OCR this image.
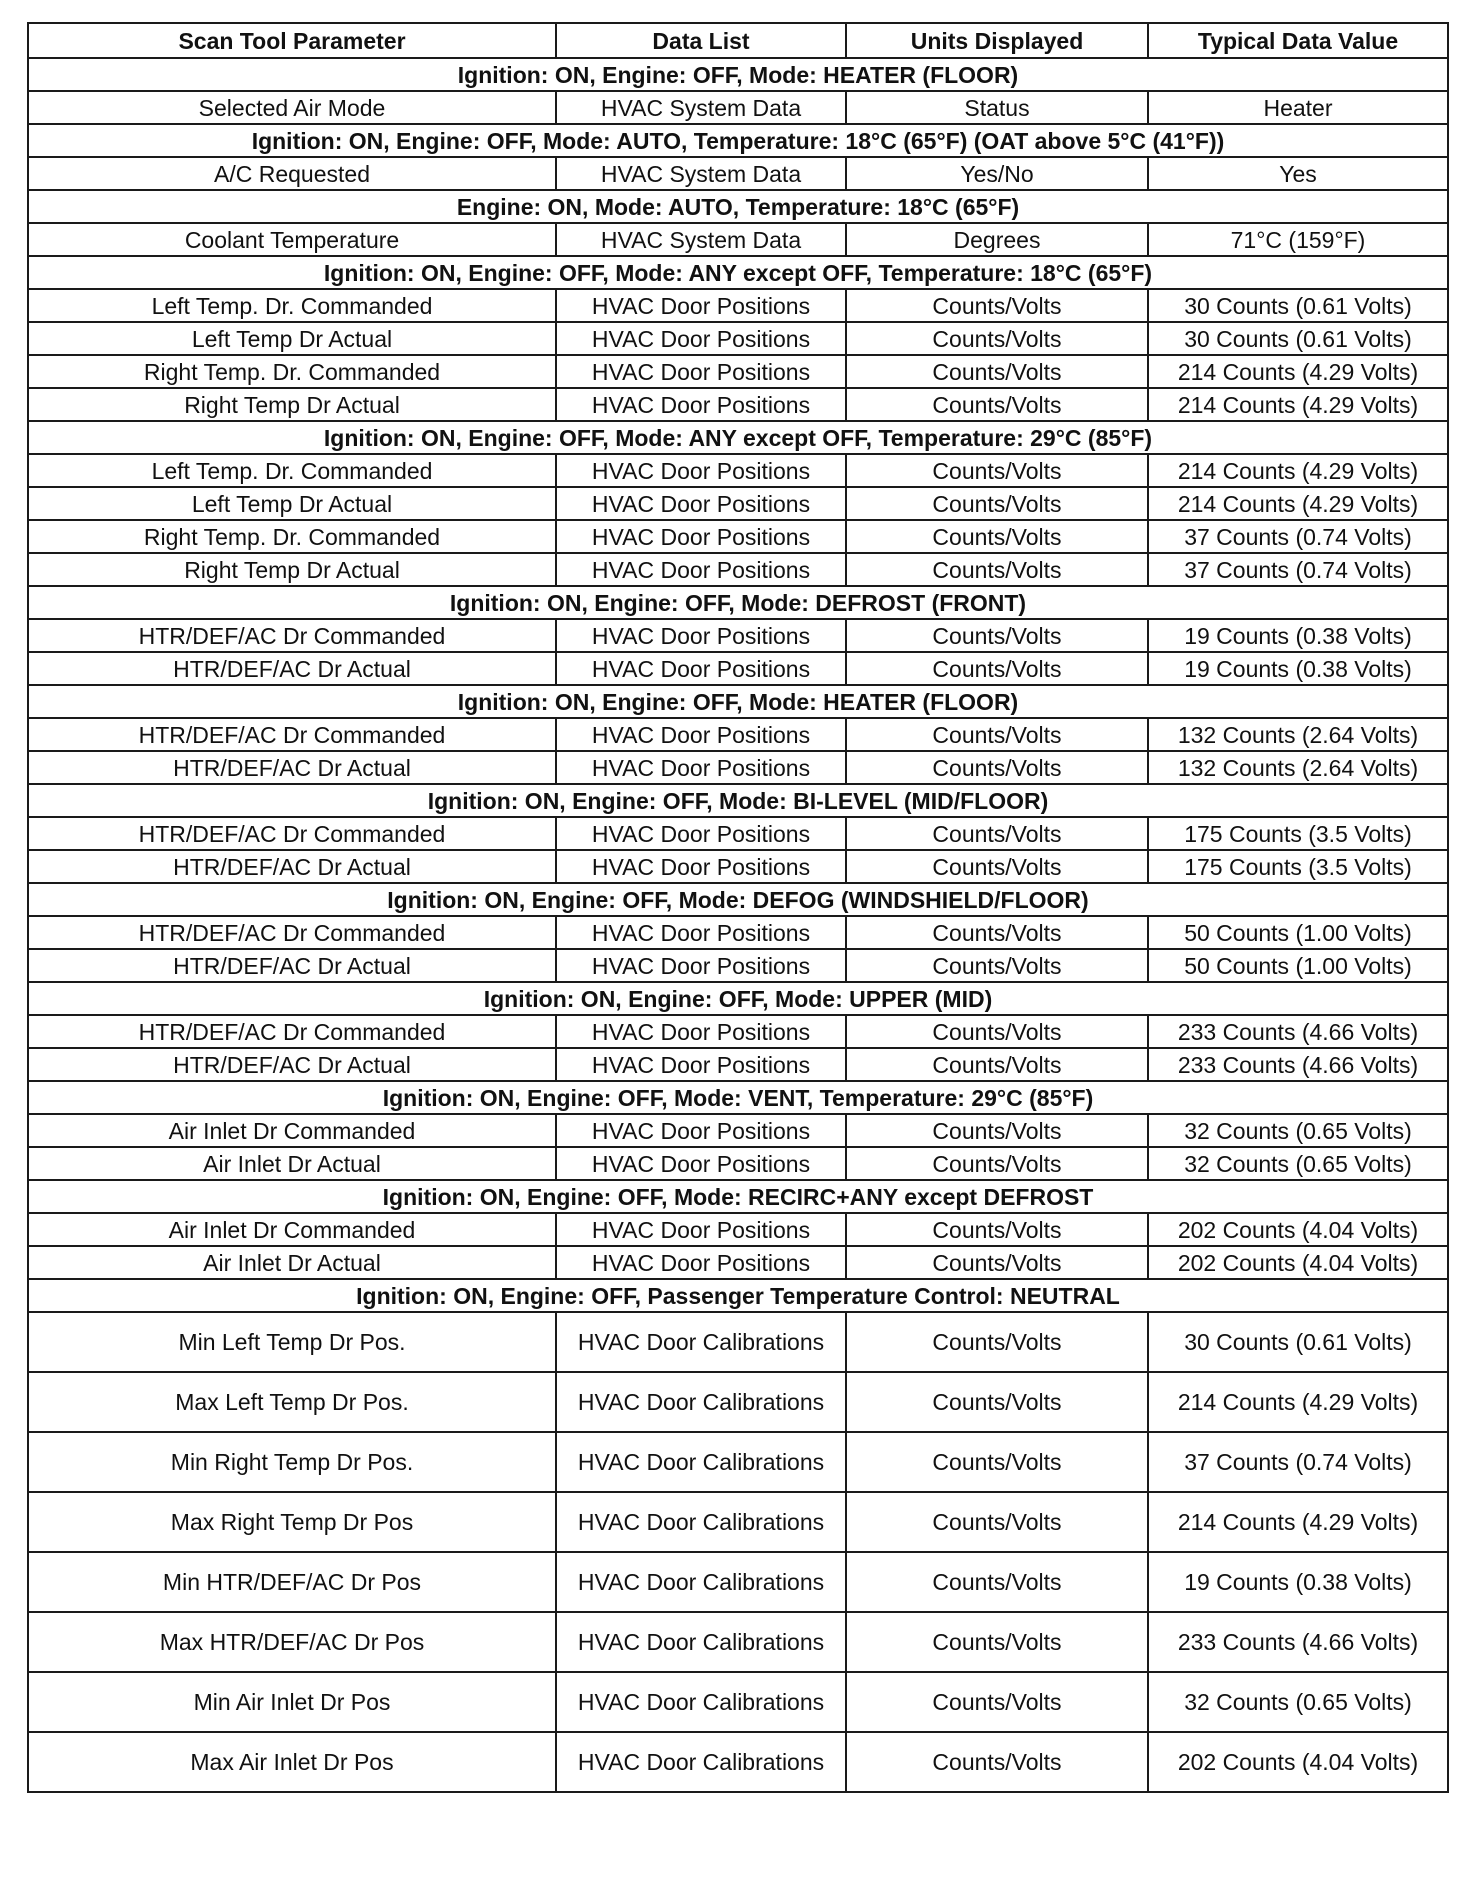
Scan Tool Parameter	Data List	Units Displayed	Typical Data Value
Ignition: ON, Engine: OFF, Mode: HEATER (FLOOR)			
Selected Air Mode	HVAC System Data	Status	Heater
Ignition: ON, Engine: OFF, Mode: AUTO, Temperature: 18°C (65°F) (OAT above 5°C (41°F))			
A/C Requested	HVAC System Data	Yes/No	Yes
Engine: ON, Mode: AUTO, Temperature: 18°C (65°F)			
Coolant Temperature	HVAC System Data	Degrees	71°C (159°F)
Ignition: ON, Engine: OFF, Mode: ANY except OFF, Temperature: 18°C (65°F)			
Left Temp. Dr. Commanded	HVAC Door Positions	Counts/Volts	30 Counts (0.61 Volts)
Left Temp Dr Actual	HVAC Door Positions	Counts/Volts	30 Counts (0.61 Volts)
Right Temp. Dr. Commanded	HVAC Door Positions	Counts/Volts	214 Counts (4.29 Volts)
Right Temp Dr Actual	HVAC Door Positions	Counts/Volts	214 Counts (4.29 Volts)
Ignition: ON, Engine: OFF, Mode: ANY except OFF, Temperature: 29°C (85°F)			
Left Temp. Dr. Commanded	HVAC Door Positions	Counts/Volts	214 Counts (4.29 Volts)
Left Temp Dr Actual	HVAC Door Positions	Counts/Volts	214 Counts (4.29 Volts)
Right Temp. Dr. Commanded	HVAC Door Positions	Counts/Volts	37 Counts (0.74 Volts)
Right Temp Dr Actual	HVAC Door Positions	Counts/Volts	37 Counts (0.74 Volts)
Ignition: ON, Engine: OFF, Mode: DEFROST (FRONT)			
HTR/DEF/AC Dr Commanded	HVAC Door Positions	Counts/Volts	19 Counts (0.38 Volts)
HTR/DEF/AC Dr Actual	HVAC Door Positions	Counts/Volts	19 Counts (0.38 Volts)
Ignition: ON, Engine: OFF, Mode: HEATER (FLOOR)			
HTR/DEF/AC Dr Commanded	HVAC Door Positions	Counts/Volts	132 Counts (2.64 Volts)
HTR/DEF/AC Dr Actual	HVAC Door Positions	Counts/Volts	132 Counts (2.64 Volts)
Ignition: ON, Engine: OFF, Mode: BI-LEVEL (MID/FLOOR)			
HTR/DEF/AC Dr Commanded	HVAC Door Positions	Counts/Volts	175 Counts (3.5 Volts)
HTR/DEF/AC Dr Actual	HVAC Door Positions	Counts/Volts	175 Counts (3.5 Volts)
Ignition: ON, Engine: OFF, Mode: DEFOG (WINDSHIELD/FLOOR)			
HTR/DEF/AC Dr Commanded	HVAC Door Positions	Counts/Volts	50 Counts (1.00 Volts)
HTR/DEF/AC Dr Actual	HVAC Door Positions	Counts/Volts	50 Counts (1.00 Volts)
Ignition: ON, Engine: OFF, Mode: UPPER (MID)			
HTR/DEF/AC Dr Commanded	HVAC Door Positions	Counts/Volts	233 Counts (4.66 Volts)
HTR/DEF/AC Dr Actual	HVAC Door Positions	Counts/Volts	233 Counts (4.66 Volts)
Ignition: ON, Engine: OFF, Mode: VENT, Temperature: 29°C (85°F)			
Air Inlet Dr Commanded	HVAC Door Positions	Counts/Volts	32 Counts (0.65 Volts)
Air Inlet Dr Actual	HVAC Door Positions	Counts/Volts	32 Counts (0.65 Volts)
Ignition: ON, Engine: OFF, Mode: RECIRC+ANY except DEFROST			
Air Inlet Dr Commanded	HVAC Door Positions	Counts/Volts	202 Counts (4.04 Volts)
Air Inlet Dr Actual	HVAC Door Positions	Counts/Volts	202 Counts (4.04 Volts)
Ignition: ON, Engine: OFF, Passenger Temperature Control: NEUTRAL			
Min Left Temp Dr Pos.	HVAC Door Calibrations	Counts/Volts	30 Counts (0.61 Volts)
Max Left Temp Dr Pos.	HVAC Door Calibrations	Counts/Volts	214 Counts (4.29 Volts)
Min Right Temp Dr Pos.	HVAC Door Calibrations	Counts/Volts	37 Counts (0.74 Volts)
Max Right Temp Dr Pos	HVAC Door Calibrations	Counts/Volts	214 Counts (4.29 Volts)
Min HTR/DEF/AC Dr Pos	HVAC Door Calibrations	Counts/Volts	19 Counts (0.38 Volts)
Max HTR/DEF/AC Dr Pos	HVAC Door Calibrations	Counts/Volts	233 Counts (4.66 Volts)
Min Air Inlet Dr Pos	HVAC Door Calibrations	Counts/Volts	32 Counts (0.65 Volts)
Max Air Inlet Dr Pos	HVAC Door Calibrations	Counts/Volts	202 Counts (4.04 Volts)
